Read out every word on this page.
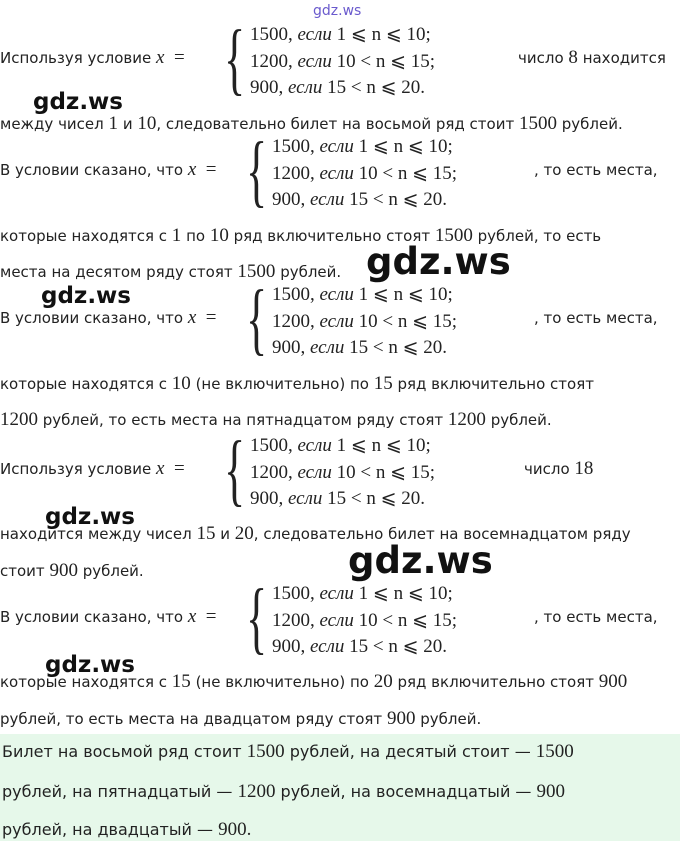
gdz.ws
Используя условие x = { 1500, если 1 ⩽ n ⩽ 10;
1200, если 10 < n ⩽ 15;
900, если 15 < n ⩽ 20.
число 8 находится
gdz.ws
между чисел 1 и 10, следовательно билет на восьмой ряд стоит 1500 рублей.
В условии сказано, что x = { 1500, если 1 ⩽ n ⩽ 10;
1200, если 10 < n ⩽ 15;
900, если 15 < n ⩽ 20.
, то есть места,
которые находятся с 1 по 10 ряд включительно стоят 1500 рублей, то есть
места на десятом ряду стоят 1500 рублей. gdz.ws
gdz.ws
В условии сказано, что x = { 1500, если 1 ⩽ n ⩽ 10;
1200, если 10 < n ⩽ 15;
900, если 15 < n ⩽ 20.
, то есть места,
которые находятся с 10 (не включительно) по 15 ряд включительно стоят
1200 рублей, то есть места на пятнадцатом ряду стоят 1200 рублей.
Используя условие x = { 1500, если 1 ⩽ n ⩽ 10;
1200, если 10 < n ⩽ 15;
900, если 15 < n ⩽ 20.
число 18
gdz.ws
находится между чисел 15 и 20, следовательно билет на восемнадцатом ряду
стоит 900 рублей.	gdz.ws
В условии сказано, что x = { 1500, если 1 ⩽ n ⩽ 10;
1200, если 10 < n ⩽ 15;
900, если 15 < n ⩽ 20.
, то есть места,
gdz.ws
которые находятся с 15 (не включительно) по 20 ряд включительно стоят 900
рублей, то есть места на двадцатом ряду стоят 900 рублей.
Билет на восьмой ряд стоит 1500 рублей, на десятый стоит — 1500
рублей, на пятнадцатый — 1200 рублей, на восемнадцатый — 900
рублей, на двадцатый — 900.
